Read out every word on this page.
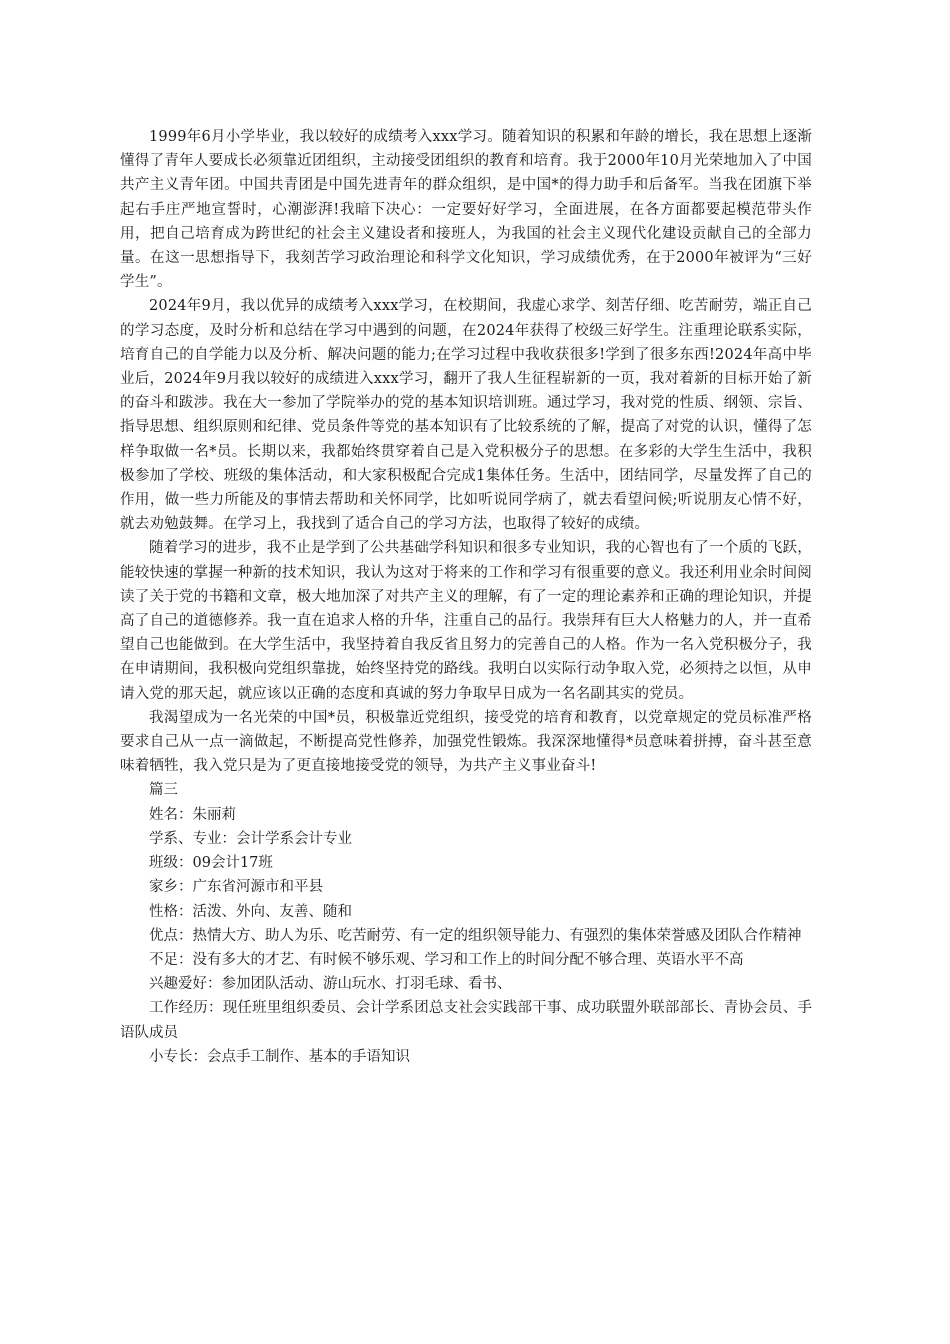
1999年6月小学毕业，我以较好的成绩考入xxx学习。随着知识的积累和年龄的增长，我在思想上逐渐懂得了青年人要成长必须靠近团组织，主动接受团组织的教育和培育。我于2000年10月光荣地加入了中国共产主义青年团。中国共青团是中国先进青年的群众组织，是中国*的得力助手和后备军。当我在团旗下举起右手庄严地宣誓时，心潮澎湃!我暗下决心：一定要好好学习，全面进展，在各方面都要起模范带头作用，把自己培育成为跨世纪的社会主义建设者和接班人，为我国的社会主义现代化建设贡献自己的全部力量。在这一思想指导下，我刻苦学习政治理论和科学文化知识，学习成绩优秀，在于2000年被评为“三好学生”。

2024年9月，我以优异的成绩考入xxx学习，在校期间，我虚心求学、刻苦仔细、吃苦耐劳，端正自己的学习态度，及时分析和总结在学习中遇到的问题，在2024年获得了校级三好学生。注重理论联系实际，培育自己的自学能力以及分析、解决问题的能力;在学习过程中我收获很多!学到了很多东西!2024年高中毕业后，2024年9月我以较好的成绩进入xxx学习，翻开了我人生征程崭新的一页，我对着新的目标开始了新的奋斗和跋涉。我在大一参加了学院举办的党的基本知识培训班。通过学习，我对党的性质、纲领、宗旨、指导思想、组织原则和纪律、党员条件等党的基本知识有了比较系统的了解，提高了对党的认识，懂得了怎样争取做一名*员。长期以来，我都始终贯穿着自己是入党积极分子的思想。在多彩的大学生生活中，我积极参加了学校、班级的集体活动，和大家积极配合完成1集体任务。生活中，团结同学，尽量发挥了自己的作用，做一些力所能及的事情去帮助和关怀同学，比如听说同学病了，就去看望问候;听说朋友心情不好，就去劝勉鼓舞。在学习上，我找到了适合自己的学习方法，也取得了较好的成绩。

随着学习的进步，我不止是学到了公共基础学科知识和很多专业知识，我的心智也有了一个质的飞跃，能较快速的掌握一种新的技术知识，我认为这对于将来的工作和学习有很重要的意义。我还利用业余时间阅读了关于党的书籍和文章，极大地加深了对共产主义的理解，有了一定的理论素养和正确的理论知识，并提高了自己的道德修养。我一直在追求人格的升华，注重自己的品行。我崇拜有巨大人格魅力的人，并一直希望自己也能做到。在大学生活中，我坚持着自我反省且努力的完善自己的人格。作为一名入党积极分子，我在申请期间，我积极向党组织靠拢，始终坚持党的路线。我明白以实际行动争取入党，必须持之以恒，从申请入党的那天起，就应该以正确的态度和真诚的努力争取早日成为一名名副其实的党员。

我渴望成为一名光荣的中国*员，积极靠近党组织，接受党的培育和教育，以党章规定的党员标准严格要求自己从一点一滴做起，不断提高党性修养，加强党性锻炼。我深深地懂得*员意味着拼搏，奋斗甚至意味着牺牲，我入党只是为了更直接地接受党的领导，为共产主义事业奋斗!

篇三

姓名：朱丽莉

学系、专业：会计学系会计专业

班级：09会计17班

家乡：广东省河源市和平县

性格：活泼、外向、友善、随和

优点：热情大方、助人为乐、吃苦耐劳、有一定的组织领导能力、有强烈的集体荣誉感及团队合作精神

不足：没有多大的才艺、有时候不够乐观、学习和工作上的时间分配不够合理、英语水平不高

兴趣爱好：参加团队活动、游山玩水、打羽毛球、看书、

工作经历：现任班里组织委员、会计学系团总支社会实践部干事、成功联盟外联部部长、青协会员、手语队成员

小专长：会点手工制作、基本的手语知识
